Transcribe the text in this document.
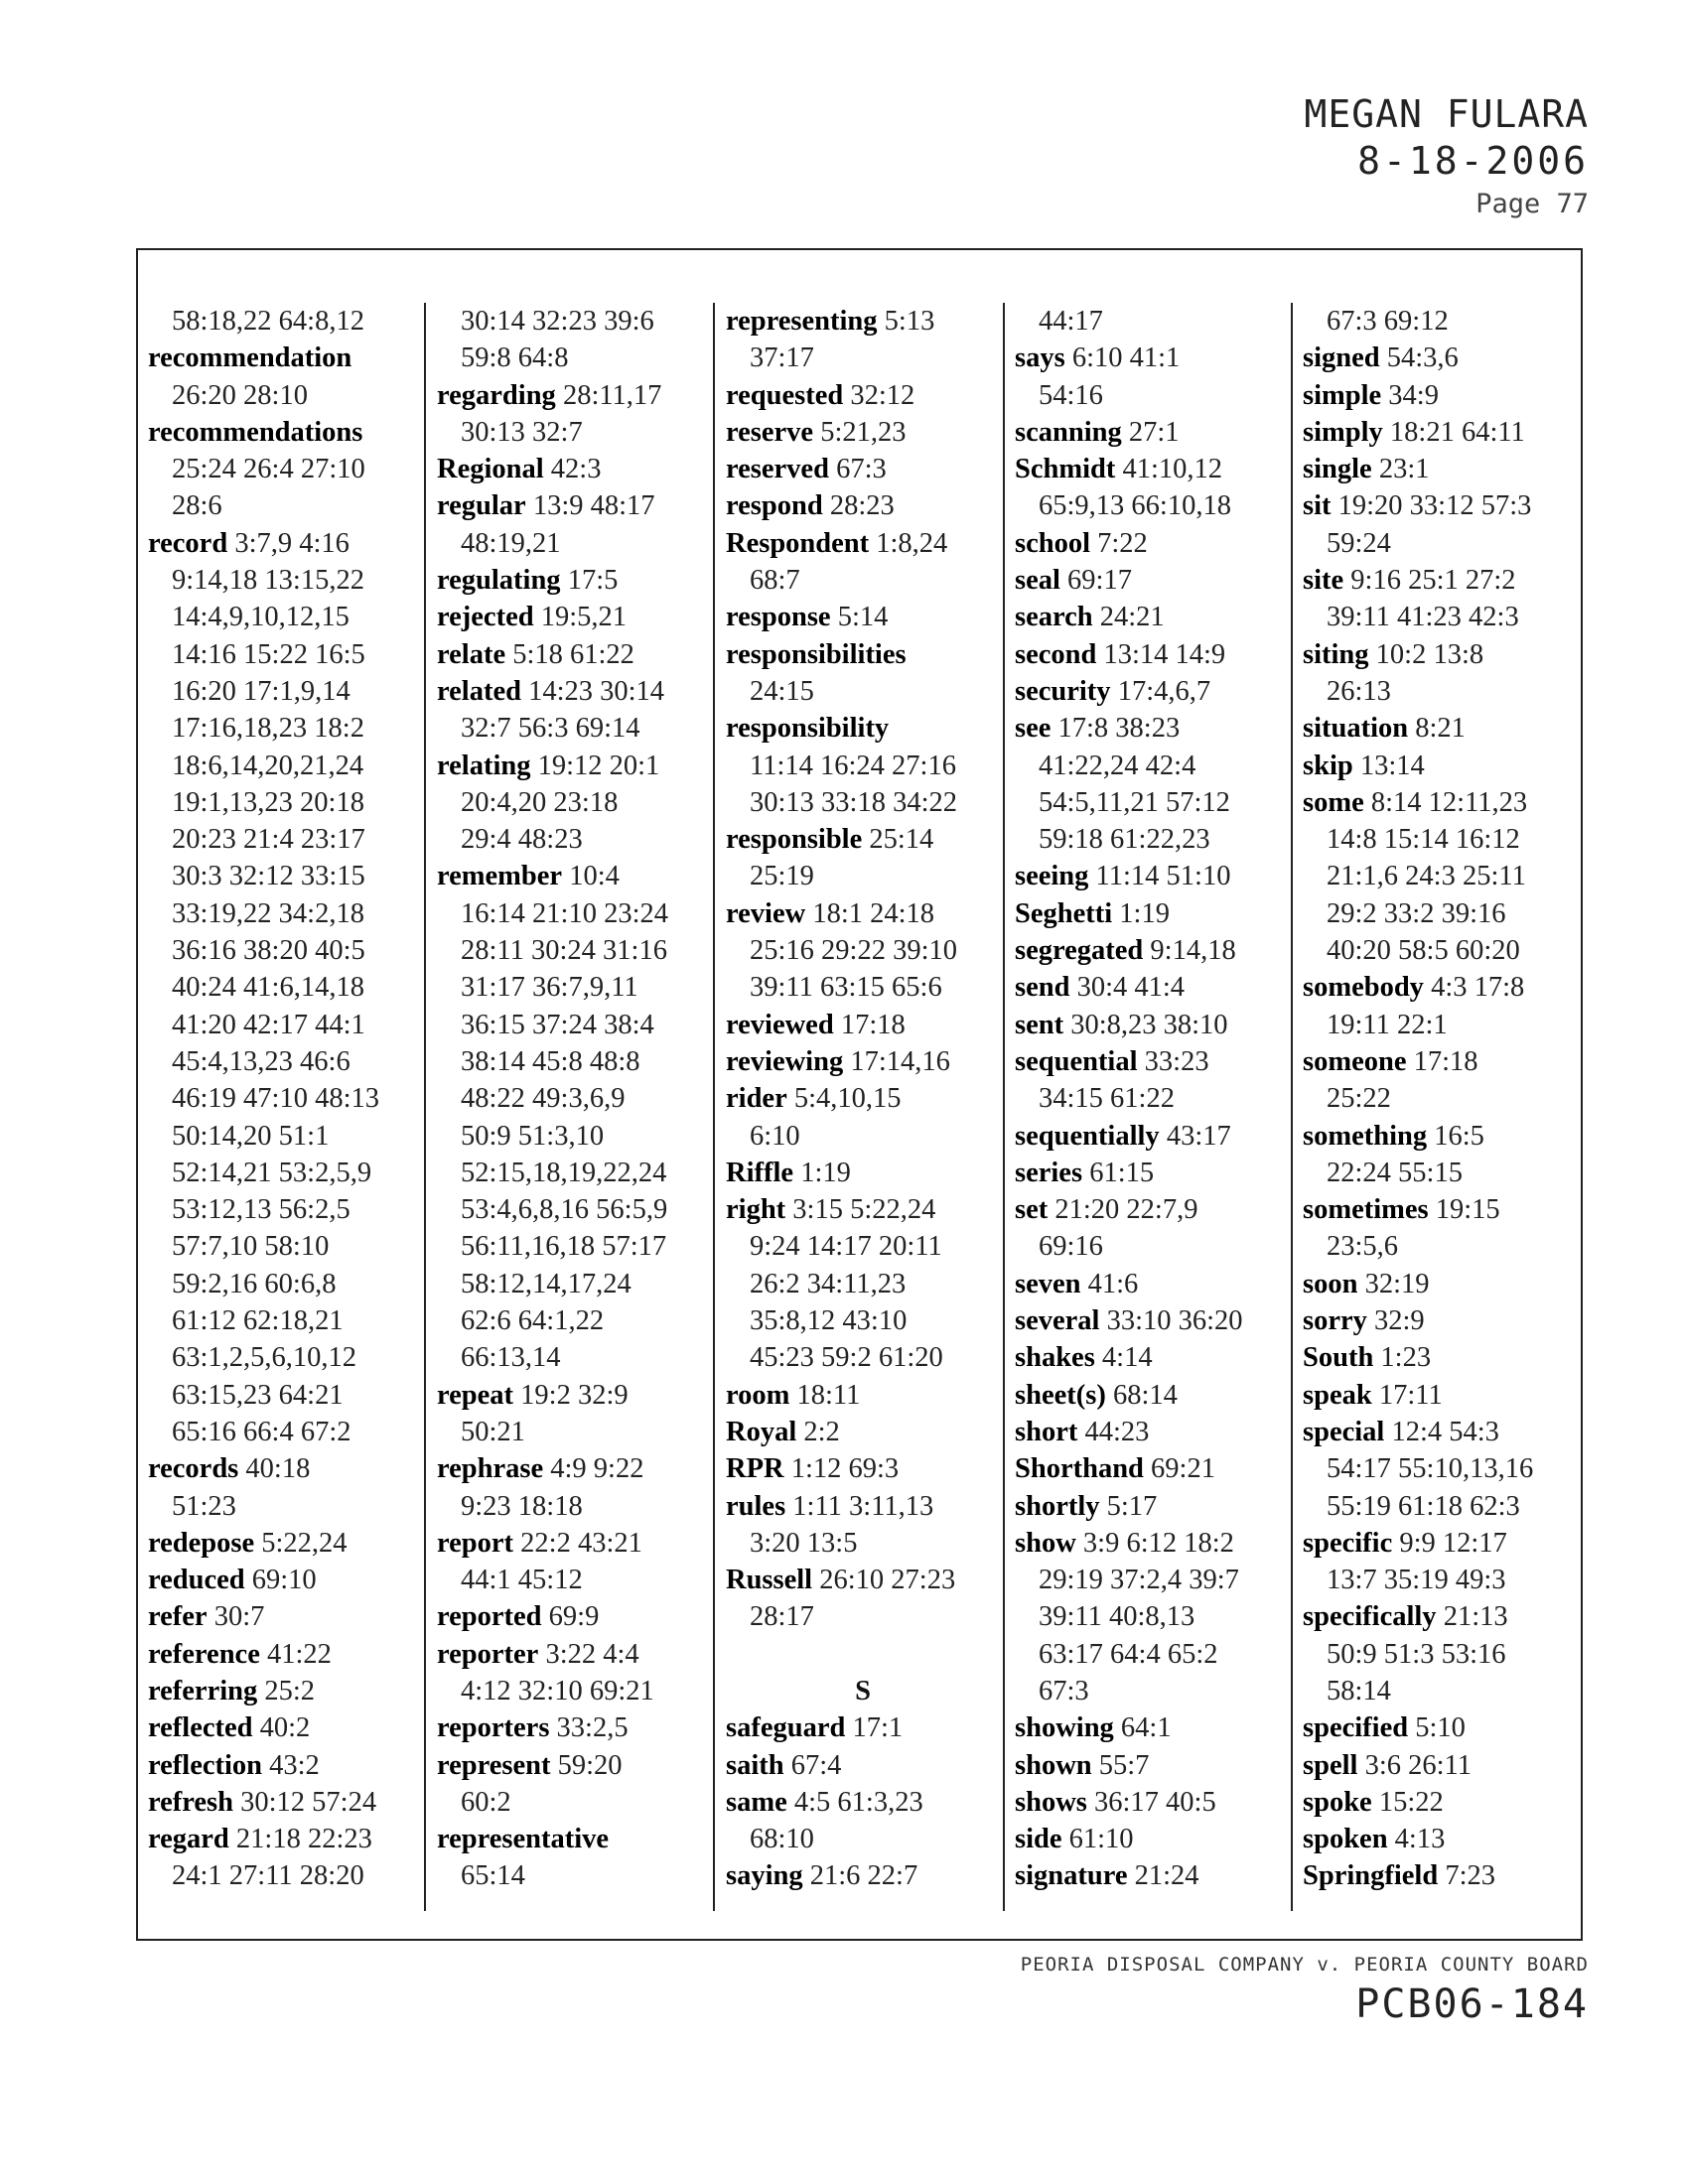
MEGAN FULARA
8-18-2006
Page 77
58:18,22 64:8,12
recommendation
26:20 28:10
recommendations
25:24 26:4 27:10
28:6
record 3:7,9 4:16
9:14,18 13:15,22
14:4,9,10,12,15
14:16 15:22 16:5
16:20 17:1,9,14
17:16,18,23 18:2
18:6,14,20,21,24
19:1,13,23 20:18
20:23 21:4 23:17
30:3 32:12 33:15
33:19,22 34:2,18
36:16 38:20 40:5
40:24 41:6,14,18
41:20 42:17 44:1
45:4,13,23 46:6
46:19 47:10 48:13
50:14,20 51:1
52:14,21 53:2,5,9
53:12,13 56:2,5
57:7,10 58:10
59:2,16 60:6,8
61:12 62:18,21
63:1,2,5,6,10,12
63:15,23 64:21
65:16 66:4 67:2
records 40:18
51:23
redepose 5:22,24
reduced 69:10
refer 30:7
reference 41:22
referring 25:2
reflected 40:2
reflection 43:2
refresh 30:12 57:24
regard 21:18 22:23
24:1 27:11 28:20
30:14 32:23 39:6
59:8 64:8
regarding 28:11,17
30:13 32:7
Regional 42:3
regular 13:9 48:17
48:19,21
regulating 17:5
rejected 19:5,21
relate 5:18 61:22
related 14:23 30:14
32:7 56:3 69:14
relating 19:12 20:1
20:4,20 23:18
29:4 48:23
remember 10:4
16:14 21:10 23:24
28:11 30:24 31:16
31:17 36:7,9,11
36:15 37:24 38:4
38:14 45:8 48:8
48:22 49:3,6,9
50:9 51:3,10
52:15,18,19,22,24
53:4,6,8,16 56:5,9
56:11,16,18 57:17
58:12,14,17,24
62:6 64:1,22
66:13,14
repeat 19:2 32:9
50:21
rephrase 4:9 9:22
9:23 18:18
report 22:2 43:21
44:1 45:12
reported 69:9
reporter 3:22 4:4
4:12 32:10 69:21
reporters 33:2,5
represent 59:20
60:2
representative
65:14
representing 5:13
37:17
requested 32:12
reserve 5:21,23
reserved 67:3
respond 28:23
Respondent 1:8,24
68:7
response 5:14
responsibilities
24:15
responsibility
11:14 16:24 27:16
30:13 33:18 34:22
responsible 25:14
25:19
review 18:1 24:18
25:16 29:22 39:10
39:11 63:15 65:6
reviewed 17:18
reviewing 17:14,16
rider 5:4,10,15
6:10
Riffle 1:19
right 3:15 5:22,24
9:24 14:17 20:11
26:2 34:11,23
35:8,12 43:10
45:23 59:2 61:20
room 18:11
Royal 2:2
RPR 1:12 69:3
rules 1:11 3:11,13
3:20 13:5
Russell 26:10 27:23
28:17
S
safeguard 17:1
saith 67:4
same 4:5 61:3,23
68:10
saying 21:6 22:7
44:17
says 6:10 41:1
54:16
scanning 27:1
Schmidt 41:10,12
65:9,13 66:10,18
school 7:22
seal 69:17
search 24:21
second 13:14 14:9
security 17:4,6,7
see 17:8 38:23
41:22,24 42:4
54:5,11,21 57:12
59:18 61:22,23
seeing 11:14 51:10
Seghetti 1:19
segregated 9:14,18
send 30:4 41:4
sent 30:8,23 38:10
sequential 33:23
34:15 61:22
sequentially 43:17
series 61:15
set 21:20 22:7,9
69:16
seven 41:6
several 33:10 36:20
shakes 4:14
sheet(s) 68:14
short 44:23
Shorthand 69:21
shortly 5:17
show 3:9 6:12 18:2
29:19 37:2,4 39:7
39:11 40:8,13
63:17 64:4 65:2
67:3
showing 64:1
shown 55:7
shows 36:17 40:5
side 61:10
signature 21:24
67:3 69:12
signed 54:3,6
simple 34:9
simply 18:21 64:11
single 23:1
sit 19:20 33:12 57:3
59:24
site 9:16 25:1 27:2
39:11 41:23 42:3
siting 10:2 13:8
26:13
situation 8:21
skip 13:14
some 8:14 12:11,23
14:8 15:14 16:12
21:1,6 24:3 25:11
29:2 33:2 39:16
40:20 58:5 60:20
somebody 4:3 17:8
19:11 22:1
someone 17:18
25:22
something 16:5
22:24 55:15
sometimes 19:15
23:5,6
soon 32:19
sorry 32:9
South 1:23
speak 17:11
special 12:4 54:3
54:17 55:10,13,16
55:19 61:18 62:3
specific 9:9 12:17
13:7 35:19 49:3
specifically 21:13
50:9 51:3 53:16
58:14
specified 5:10
spell 3:6 26:11
spoke 15:22
spoken 4:13
Springfield 7:23
PEORIA DISPOSAL COMPANY v. PEORIA COUNTY BOARD
PCB06-184
